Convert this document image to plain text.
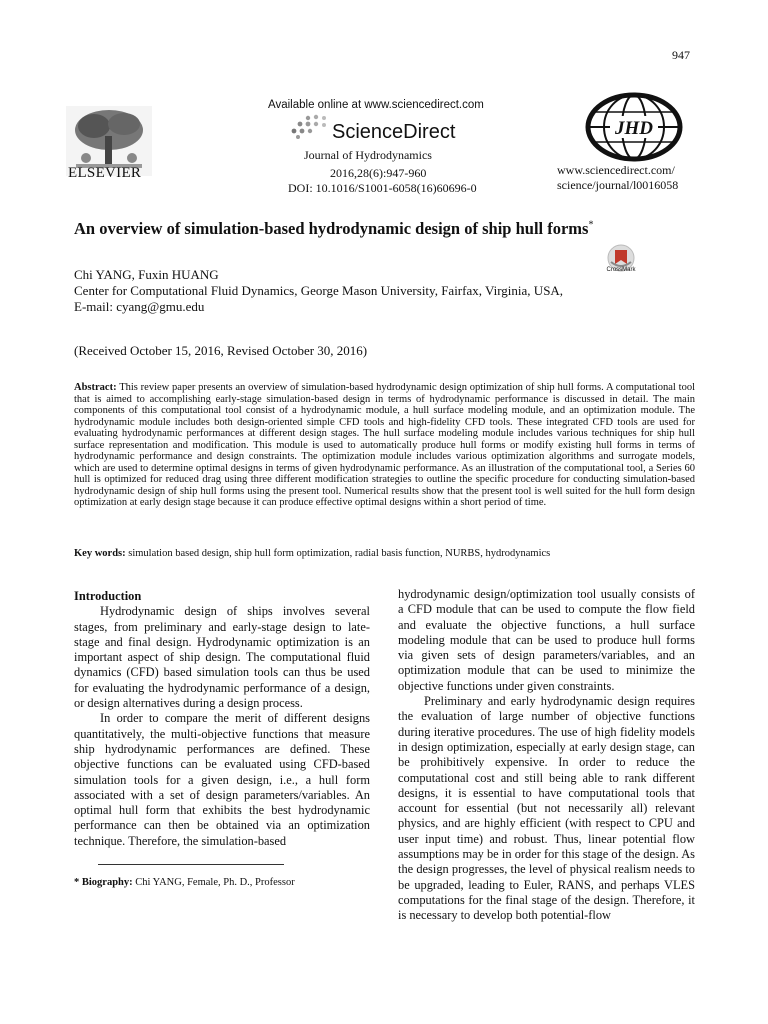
947
ELSEVIER
Available online at www.sciencedirect.com
ScienceDirect
Journal of Hydrodynamics
2016,28(6):947-960
DOI: 10.1016/S1001-6058(16)60696-0
JHD
www.sciencedirect.com/
science/journal/l0016058
An overview of simulation-based hydrodynamic design of ship hull forms*
CrossMark
Chi YANG, Fuxin HUANG
Center for Computational Fluid Dynamics, George Mason University, Fairfax, Virginia, USA,
E-mail: cyang@gmu.edu
(Received October 15, 2016, Revised October 30, 2016)
Abstract: This review paper presents an overview of simulation-based hydrodynamic design optimization of ship hull forms. A computational tool that is aimed to accomplishing early-stage simulation-based design in terms of hydrodynamic performance is discussed in detail. The main components of this computational tool consist of a hydrodynamic module, a hull surface modeling module, and an optimization module. The hydrodynamic module includes both design-oriented simple CFD tools and high-fidelity CFD tools. These integrated CFD tools are used for evaluating hydrodynamic performances at different design stages. The hull surface modeling module includes various techniques for ship hull surface representation and modification. This module is used to automatically produce hull forms or modify existing hull forms in terms of hydrodynamic performance and design constraints. The optimization module includes various optimization algorithms and surrogate models, which are used to determine optimal designs in terms of given hydrodynamic performance. As an illustration of the computational tool, a Series 60 hull is optimized for reduced drag using three different modification strategies to outline the specific procedure for conducting simulation-based hydrodynamic design of ship hull forms using the present tool. Numerical results show that the present tool is well suited for the hull form design optimization at early design stage because it can produce effective optimal designs within a short period of time.
Key words: simulation based design, ship hull form optimization, radial basis function, NURBS, hydrodynamics
Introduction

Hydrodynamic design of ships involves several stages, from preliminary and early-stage design to late-stage and final design. Hydrodynamic optimization is an important aspect of ship design. The computational fluid dynamics (CFD) based simulation tools can thus be used for evaluating the hydrodynamic performance of a design, or design alternatives during a design process.

In order to compare the merit of different designs quantitatively, the multi-objective functions that measure ship hydrodynamic performances are defined. These objective functions can be evaluated using CFD-based simulation tools for a given design, i.e., a hull form associated with a set of design parameters/variables. An optimal hull form that exhibits the best hydrodynamic performance can then be obtained via an optimization technique. Therefore, the simulation-based

hydrodynamic design/optimization tool usually consists of a CFD module that can be used to compute the flow field and evaluate the objective functions, a hull surface modeling module that can be used to produce hull forms via given sets of design parameters/variables, and an optimization module that can be used to minimize the objective functions under given constraints.

Preliminary and early hydrodynamic design requires the evaluation of large number of objective functions during iterative procedures. The use of high fidelity models in design optimization, especially at early design stage, can be prohibitively expensive. In order to reduce the computational cost and still being able to rank different designs, it is essential to have computational tools that account for essential (but not necessarily all) relevant physics, and are highly efficient (with respect to CPU and user input time) and robust. Thus, linear potential flow assumptions may be in order for this stage of the design. As the design progresses, the level of physical realism needs to be upgraded, leading to Euler, RANS, and perhaps VLES computations for the final stage of the design. Therefore, it is necessary to develop both potential-flow

* Biography: Chi YANG, Female, Ph. D., Professor
